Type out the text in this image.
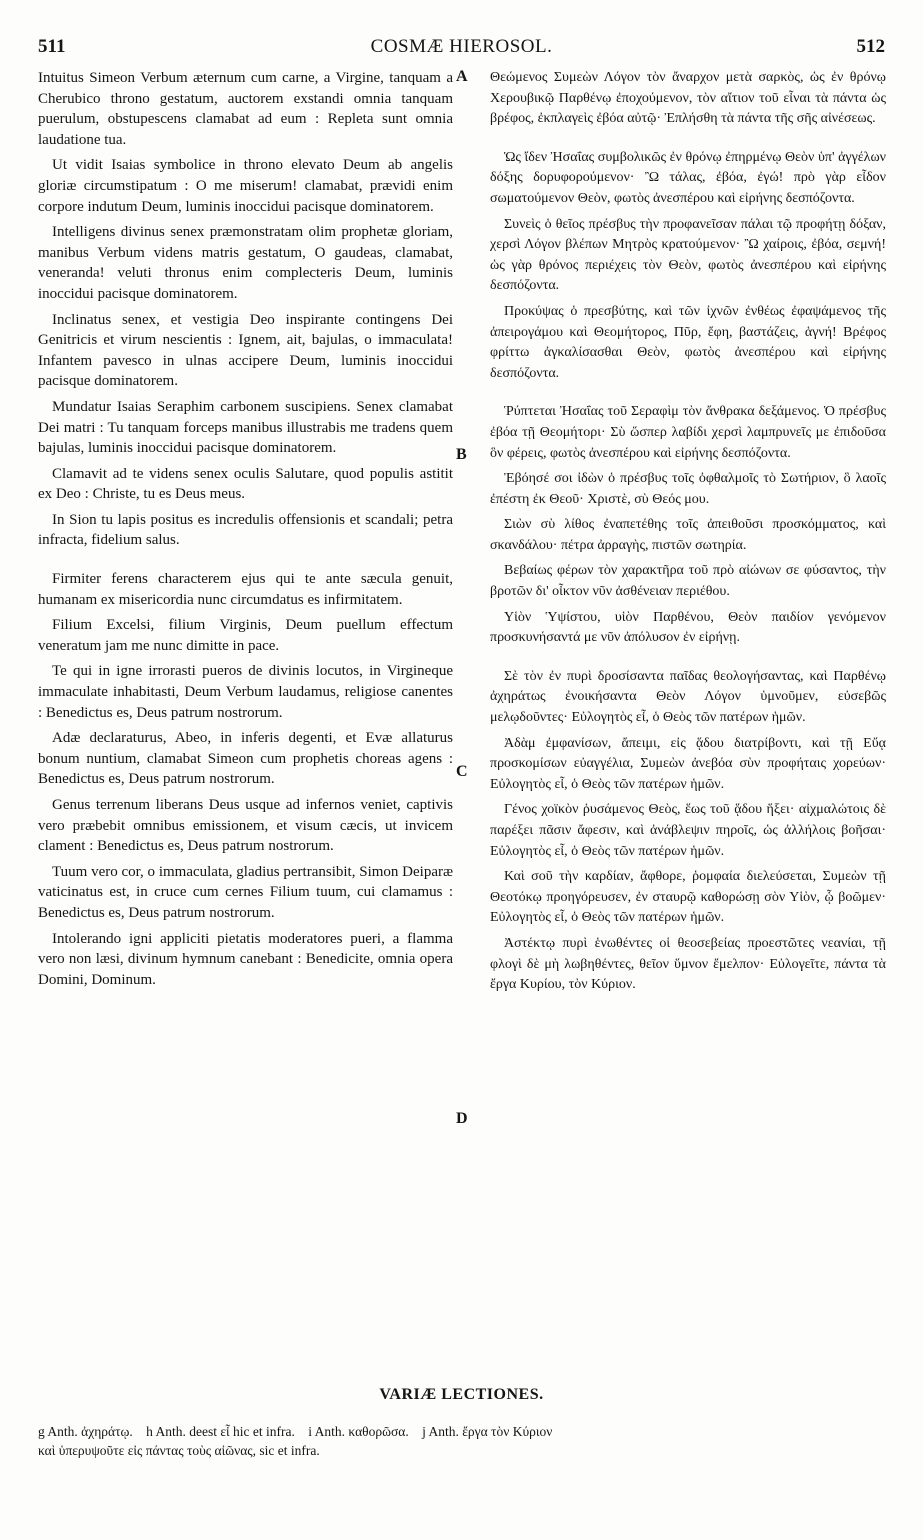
511	COSMÆ HIEROSOL.	512

Intuitus Simeon Verbum æternum cum carne, a Virgine, tanquam a Cherubico throno gestatum, auctorem exstandi omnia tanquam puerulum, obstupescens clamabat ad eum : Repleta sunt omnia laudatione tua.

Ut vidit Isaias symbolice in throno elevato Deum ab angelis gloriæ circumstipatum : O me miserum! clamabat, prævidi enim corpore indutum Deum, luminis inoccidui pacisque dominatorem.

Intelligens divinus senex præmonstratam olim prophetæ gloriam, manibus Verbum videns matris gestatum, O gaudeas, clamabat, veneranda! veluti thronus enim complecteris Deum, luminis inoccidui pacisque dominatorem.

Inclinatus senex, et vestigia Deo inspirante contingens Dei Genitricis et virum nescientis : Ignem, ait, bajulas, o immaculata! Infantem pavesco in ulnas accipere Deum, luminis inoccidui pacisque dominatorem.

Mundatur Isaias Seraphim carbonem suscipiens. Senex clamabat Dei matri : Tu tanquam forceps manibus illustrabis me tradens quem bajulas, luminis inoccidui pacisque dominatorem.

Clamavit ad te videns senex oculis Salutare, quod populis astitit ex Deo : Christe, tu es Deus meus.

In Sion tu lapis positus es incredulis offensionis et scandali; petra infracta, fidelium salus.

Firmiter ferens characterem ejus qui te ante sæcula genuit, humanam ex misericordia nunc circumdatus es infirmitatem.

Filium Excelsi, filium Virginis, Deum puellum effectum veneratum jam me nunc dimitte in pace.

Te qui in igne irrorasti pueros de divinis locutos, in Virgineque immaculate inhabitasti, Deum Verbum laudamus, religiose canentes : Benedictus es, Deus patrum nostrorum.

Adæ declaraturus, Abeo, in inferis degenti, et Evæ allaturus bonum nuntium, clamabat Simeon cum prophetis choreas agens : Benedictus es, Deus patrum nostrorum.

Genus terrenum liberans Deus usque ad infernos veniet, captivis vero præbebit omnibus emissionem, et visum cæcis, ut invicem clament : Benedictus es, Deus patrum nostrorum.

Tuum vero cor, o immaculata, gladius pertransibit, Simon Deiparæ vaticinatus est, in cruce cum cernes Filium tuum, cui clamamus : Benedictus es, Deus patrum nostrorum.

Intolerando igni appliciti pietatis moderatores pueri, a flamma vero non læsi, divinum hymnum canebant : Benedicite, omnia opera Domini, Dominum.

A
B
C
D

Θεώμενος Συμεὼν Λόγον τὸν ἄναρχον μετὰ σαρκὸς, ὡς ἐν θρόνῳ Χερουβικῷ Παρθένῳ ἐποχούμενον, τὸν αἴτιον τοῦ εἶναι τὰ πάντα ὡς βρέφος, ἐκπλαγεὶς ἐβόα αὐτῷ· Ἐπλήσθη τὰ πάντα τῆς σῆς αἰνέσεως.

Ὡς ἴδεν Ἠσαΐας συμβολικῶς ἐν θρόνῳ ἐπηρμένῳ Θεὸν ὑπ' ἀγγέλων δόξης δορυφορούμενον· Ὢ τάλας, ἐβόα, ἐγώ! πρὸ γὰρ εἶδον σωματούμενον Θεὸν, φωτὸς ἀνεσπέρου καὶ εἰρήνης δεσπόζοντα.

Συνεὶς ὁ θεῖος πρέσβυς τὴν προφανεῖσαν πάλαι τῷ προφήτῃ δόξαν, χερσὶ Λόγον βλέπων Μητρὸς κρατούμενον· Ὢ χαίροις, ἐβόα, σεμνή! ὡς γὰρ θρόνος περιέχεις τὸν Θεὸν, φωτὸς ἀνεσπέρου καὶ εἰρήνης δεσπόζοντα.

Προκύψας ὁ πρεσβύτης, καὶ τῶν ἰχνῶν ἐνθέως ἐφαψάμενος τῆς ἀπειρογάμου καὶ Θεομήτορος, Πῦρ, ἔφη, βαστάζεις, ἁγνή! Βρέφος φρίττω ἀγκαλίσασθαι Θεὸν, φωτὸς ἀνεσπέρου καὶ εἰρήνης δεσπόζοντα.

Ῥύπτεται Ἠσαΐας τοῦ Σεραφὶμ τὸν ἄνθρακα δεξάμενος. Ὁ πρέσβυς ἐβόα τῇ Θεομήτορι· Σὺ ὥσπερ λαβίδι χερσὶ λαμπρυνεῖς με ἐπιδοῦσα ὃν φέρεις, φωτὸς ἀνεσπέρου καὶ εἰρήνης δεσπόζοντα.

Ἐβόησέ σοι ἰδὼν ὁ πρέσβυς τοῖς ὀφθαλμοῖς τὸ Σωτήριον, ὃ λαοῖς ἐπέστη ἐκ Θεοῦ· Χριστὲ, σὺ Θεός μου.

Σιὼν σὺ λίθος ἐναπετέθης τοῖς ἀπειθοῦσι προσκόμματος, καὶ σκανδάλου· πέτρα ἀρραγὴς, πιστῶν σωτηρία.

Βεβαίως φέρων τὸν χαρακτῆρα τοῦ πρὸ αἰώνων σε φύσαντος, τὴν βροτῶν δι' οἶκτον νῦν ἀσθένειαν περιέθου.

Υἱὸν Ὑψίστου, υἱὸν Παρθένου, Θεὸν παιδίον γενόμενον προσκυνήσαντά με νῦν ἀπόλυσον ἐν εἰρήνῃ.

Σὲ τὸν ἐν πυρὶ δροσίσαντα παῖδας θεολογήσαντας, καὶ Παρθένῳ ἀχηράτως ἐνοικήσαντα Θεὸν Λόγον ὑμνοῦμεν, εὐσεβῶς μελῳδοῦντες· Εὐλογητὸς εἶ, ὁ Θεὸς τῶν πατέρων ἡμῶν.

Ἀδὰμ ἐμφανίσων, ἄπειμι, εἰς ᾅδου διατρίβοντι, καὶ τῇ Εὔᾳ προσκομίσων εὐαγγέλια, Συμεὼν ἀνεβόα σὺν προφήταις χορεύων· Εὐλογητὸς εἶ, ὁ Θεὸς τῶν πατέρων ἡμῶν.

Γένος χοϊκὸν ῥυσάμενος Θεὸς, ἕως τοῦ ᾅδου ἥξει· αἰχμαλώτοις δὲ παρέξει πᾶσιν ἄφεσιν, καὶ ἀνάβλεψιν πηροῖς, ὡς ἀλλήλοις βοῆσαι· Εὐλογητὸς εἶ, ὁ Θεὸς τῶν πατέρων ἡμῶν.

Καὶ σοῦ τὴν καρδίαν, ἄφθορε, ῥομφαία διελεύσεται, Συμεὼν τῇ Θεοτόκῳ προηγόρευσεν, ἐν σταυρῷ καθορώσῃ σὸν Υἱὸν, ᾧ βοῶμεν· Εὐλογητὸς εἶ, ὁ Θεὸς τῶν πατέρων ἡμῶν.

Ἀστέκτῳ πυρὶ ἑνωθέντες οἱ θεοσεβείας προεστῶτες νεανίαι, τῇ φλογὶ δὲ μὴ λωβηθέντες, θεῖον ὕμνον ἔμελπον· Εὐλογεῖτε, πάντα τὰ ἔργα Κυρίου, τὸν Κύριον.

VARIÆ LECTIONES.
g Anth. ἀχηράτῳ. h Anth. deest εἶ hic et infra. i Anth. καθορῶσα. j Anth. ἔργα τὸν Κύριον
καὶ ὑπερυψοῦτε εἰς πάντας τοὺς αἰῶνας, sic et infra.
